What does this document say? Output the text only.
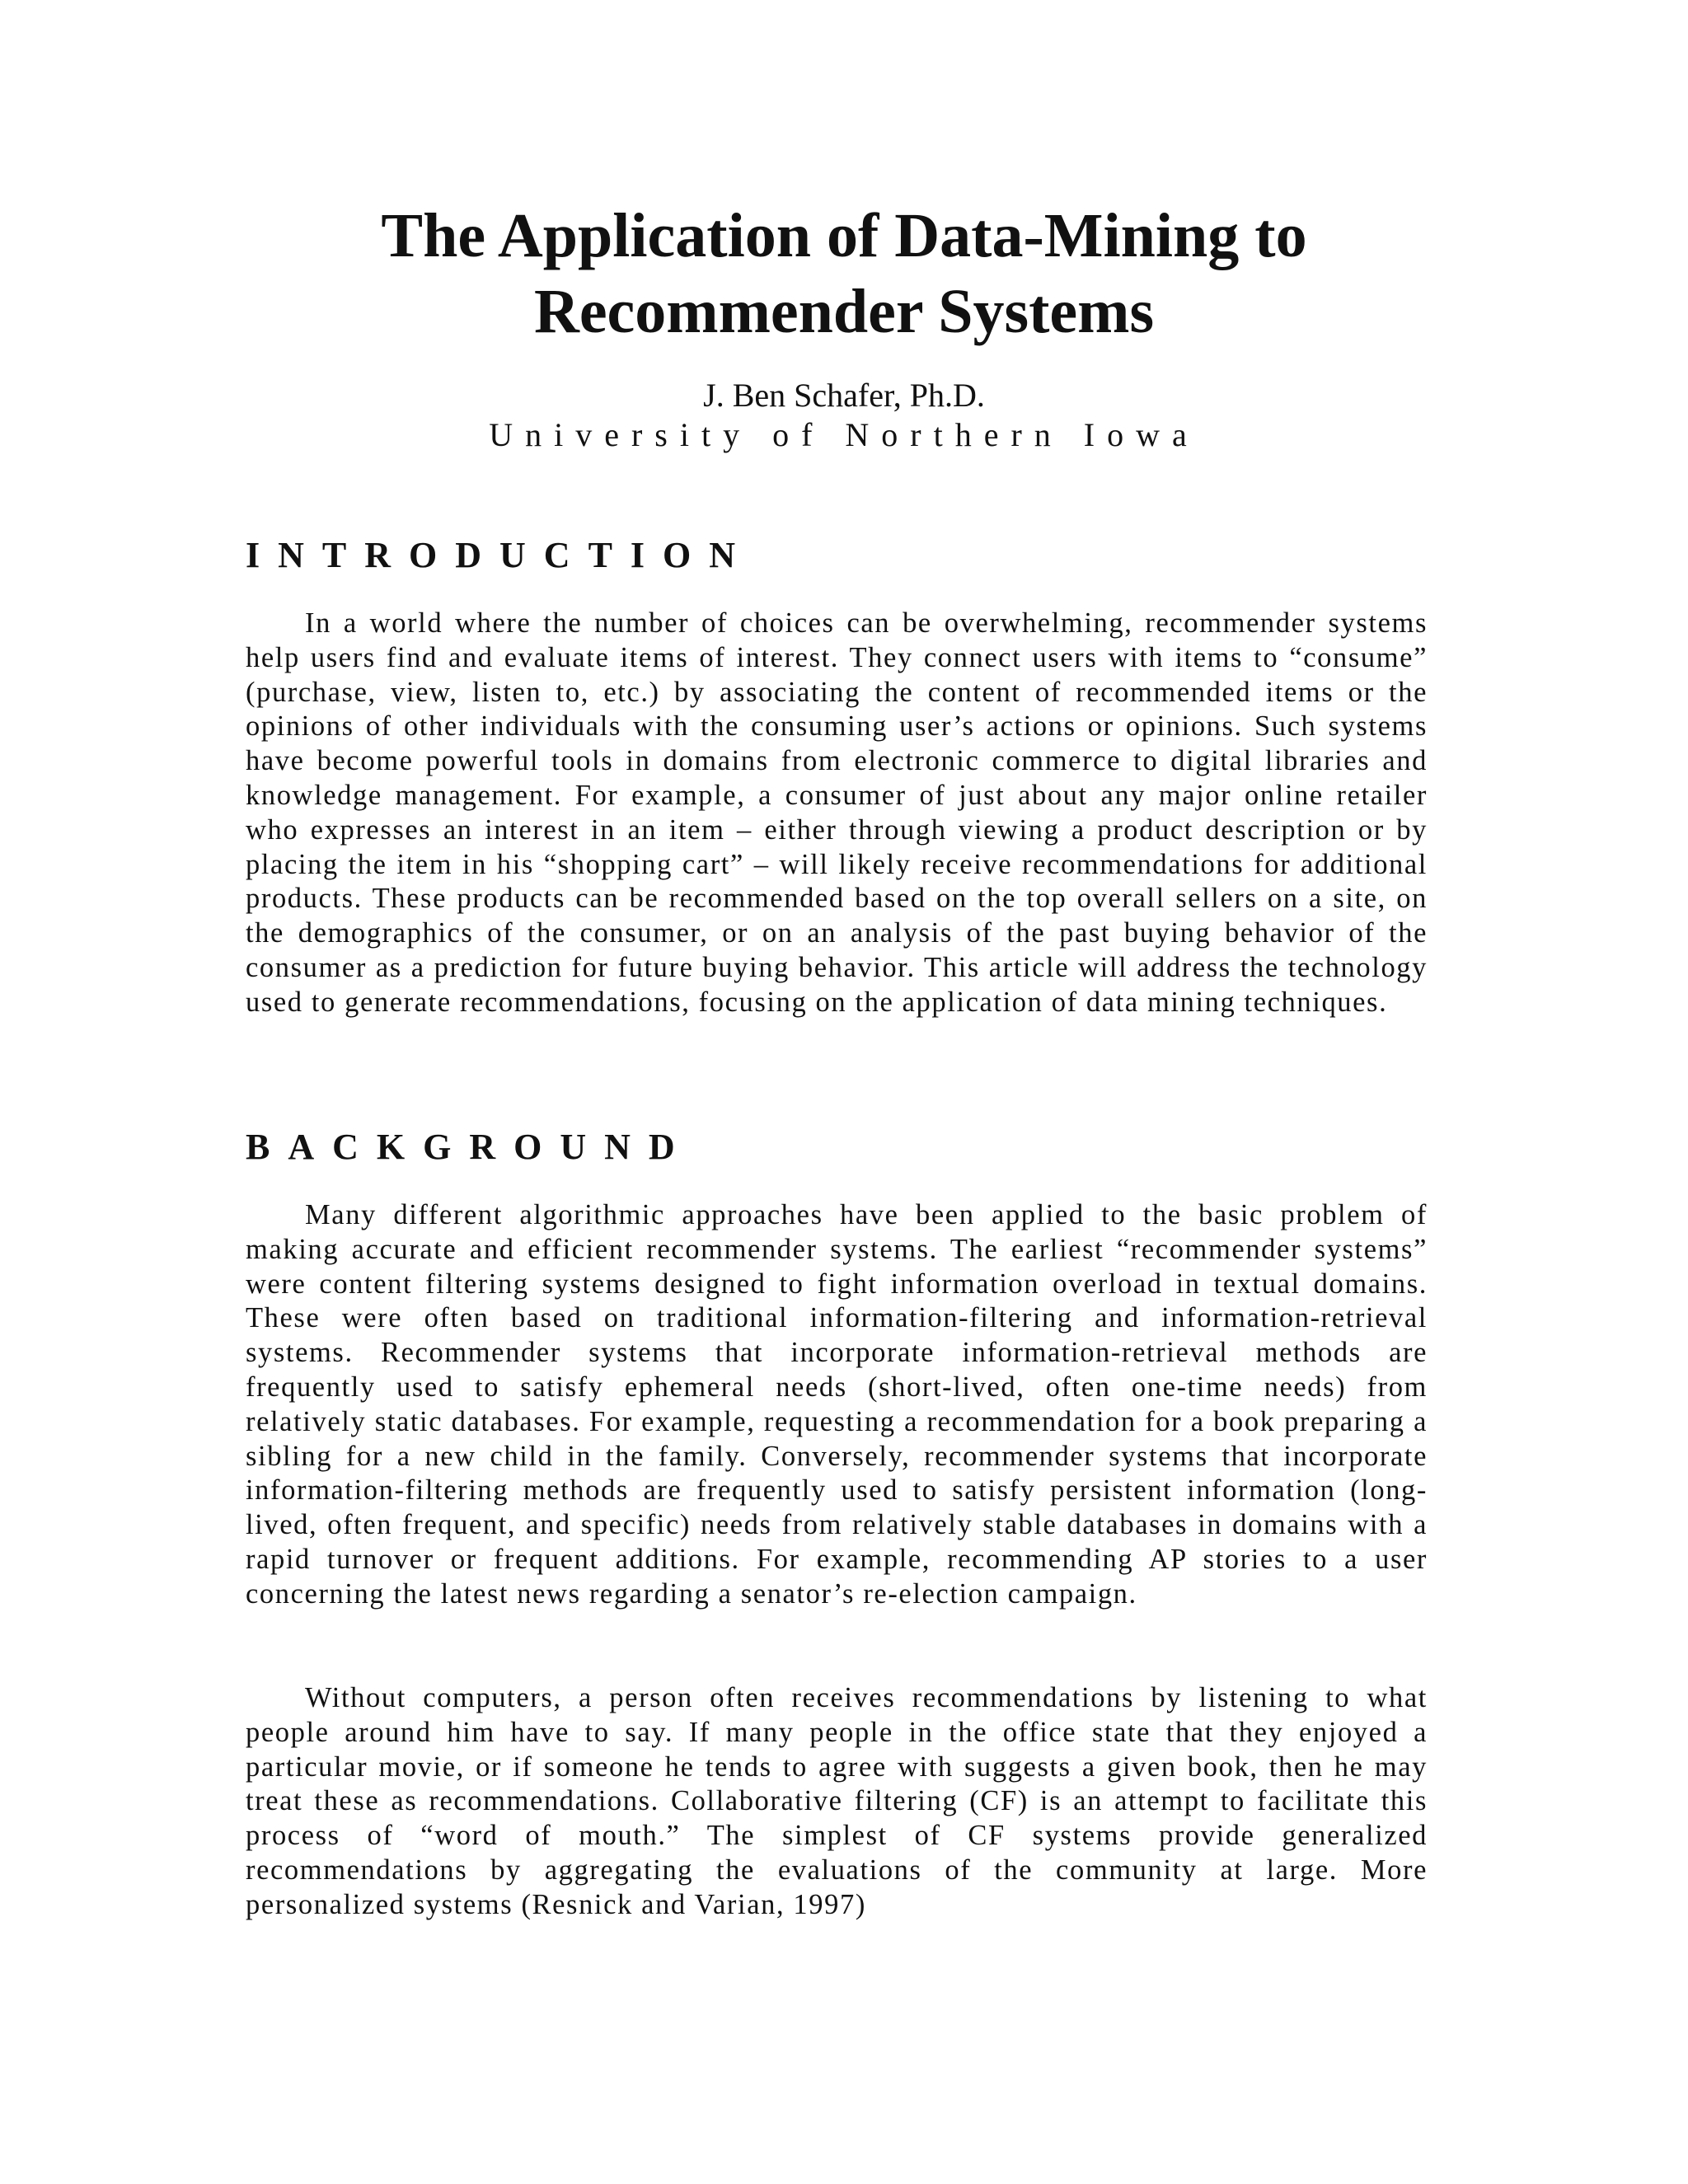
The Application of Data-Mining to
Recommender Systems

J. Ben Schafer, Ph.D.

University of Northern Iowa

INTRODUCTION

In a world where the number of choices can be overwhelming, recommender systems help users find and evaluate items of interest. They connect users with items to “consume” (purchase, view, listen to, etc.) by associating the content of recommended items or the opinions of other individuals with the consuming user’s actions or opinions. Such systems have become powerful tools in domains from electronic commerce to digital libraries and knowledge management. For example, a consumer of just about any major online retailer who expresses an interest in an item – either through viewing a product description or by placing the item in his “shopping cart” – will likely receive recommendations for additional products. These products can be recommended based on the top overall sellers on a site, on the demographics of the consumer, or on an analysis of the past buying behavior of the consumer as a prediction for future buying behavior. This article will address the technology used to generate recommendations, focusing on the application of data mining techniques.

BACKGROUND

Many different algorithmic approaches have been applied to the basic problem of making accurate and efficient recommender systems. The earliest “recommender systems” were content filtering systems designed to fight information overload in textual domains. These were often based on traditional information-filtering and information-retrieval systems. Recommender systems that incorporate information-retrieval methods are frequently used to satisfy ephemeral needs (short-lived, often one-time needs) from relatively static databases. For example, requesting a recommendation for a book preparing a sibling for a new child in the family. Conversely, recommender systems that incorporate information-filtering methods are frequently used to satisfy persistent information (long-lived, often frequent, and specific) needs from relatively stable databases in domains with a rapid turnover or frequent additions. For example, recommending AP stories to a user concerning the latest news regarding a senator’s re-election campaign.

Without computers, a person often receives recommendations by listening to what people around him have to say. If many people in the office state that they enjoyed a particular movie, or if someone he tends to agree with suggests a given book, then he may treat these as recommendations. Collaborative filtering (CF) is an attempt to facilitate this process of “word of mouth.” The simplest of CF systems provide generalized recommendations by aggregating the evaluations of the community at large. More personalized systems (Resnick and Varian, 1997)
